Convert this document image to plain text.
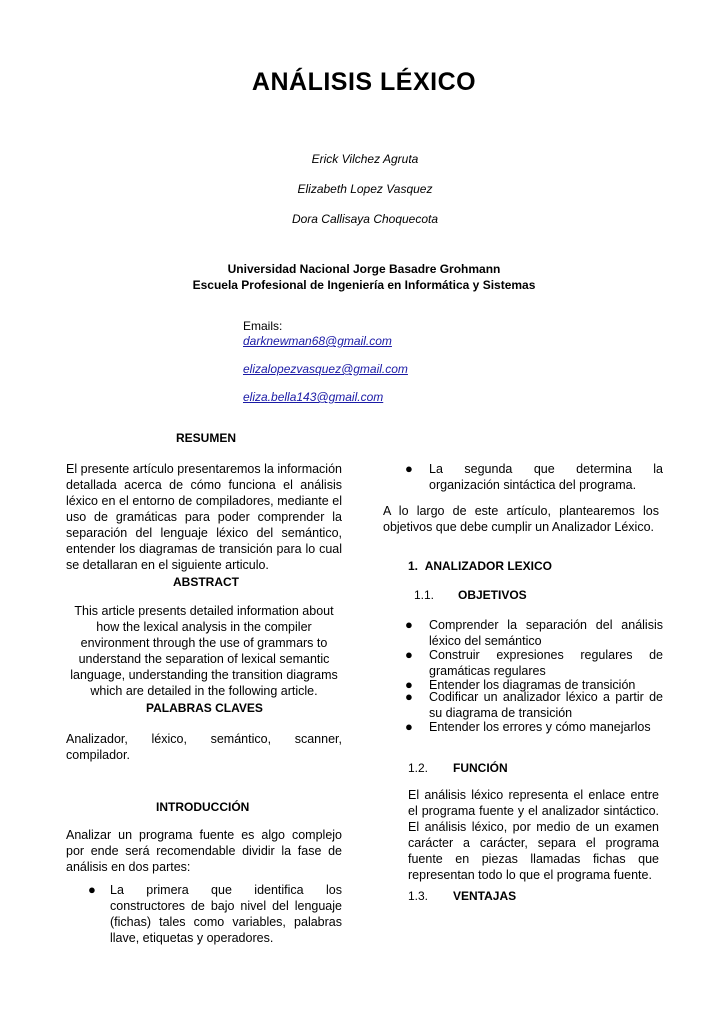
ANÁLISIS LÉXICO
Erick Vilchez Agruta
Elizabeth Lopez Vasquez
Dora Callisaya Choquecota
Universidad Nacional Jorge Basadre Grohmann
Escuela Profesional de Ingeniería en Informática y Sistemas
Emails:
darknewman68@gmail.com
elizalopezvasquez@gmail.com
eliza.bella143@gmail.com
RESUMEN
El presente artículo presentaremos la información detallada acerca de cómo funciona el análisis léxico en el entorno de compiladores, mediante el uso de gramáticas para poder comprender la separación del lenguaje léxico del semántico, entender los diagramas de transición para lo cual se detallaran en el siguiente articulo.
ABSTRACT
This article presents detailed information about
how the lexical analysis in the compiler
environment through the use of grammars to
understand the separation of lexical semantic
language, understanding the transition diagrams
which are detailed in the following article.
PALABRAS CLAVES
Analizador, léxico, semántico, scanner,
compilador.
INTRODUCCIÓN
Analizar un programa fuente es algo complejo por ende será recomendable dividir la fase de análisis en dos partes:
● La primera que identifica los constructores de bajo nivel del lenguaje (fichas) tales como variables, palabras llave, etiquetas y operadores.
● La segunda que determina la organización sintáctica del programa.
A lo largo de este artículo, plantearemos los objetivos que debe cumplir un Analizador Léxico.
1. ANALIZADOR LEXICO
1.1. OBJETIVOS
● Comprender la separación del análisis léxico del semántico
● Construir expresiones regulares de gramáticas regulares
● Entender los diagramas de transición
● Codificar un analizador léxico a partir de su diagrama de transición
● Entender los errores y cómo manejarlos
1.2. FUNCIÓN
El análisis léxico representa el enlace entre el programa fuente y el analizador sintáctico. El análisis léxico, por medio de un examen carácter a carácter, separa el programa fuente en piezas llamadas fichas que representan todo lo que el programa fuente.
1.3. VENTAJAS
